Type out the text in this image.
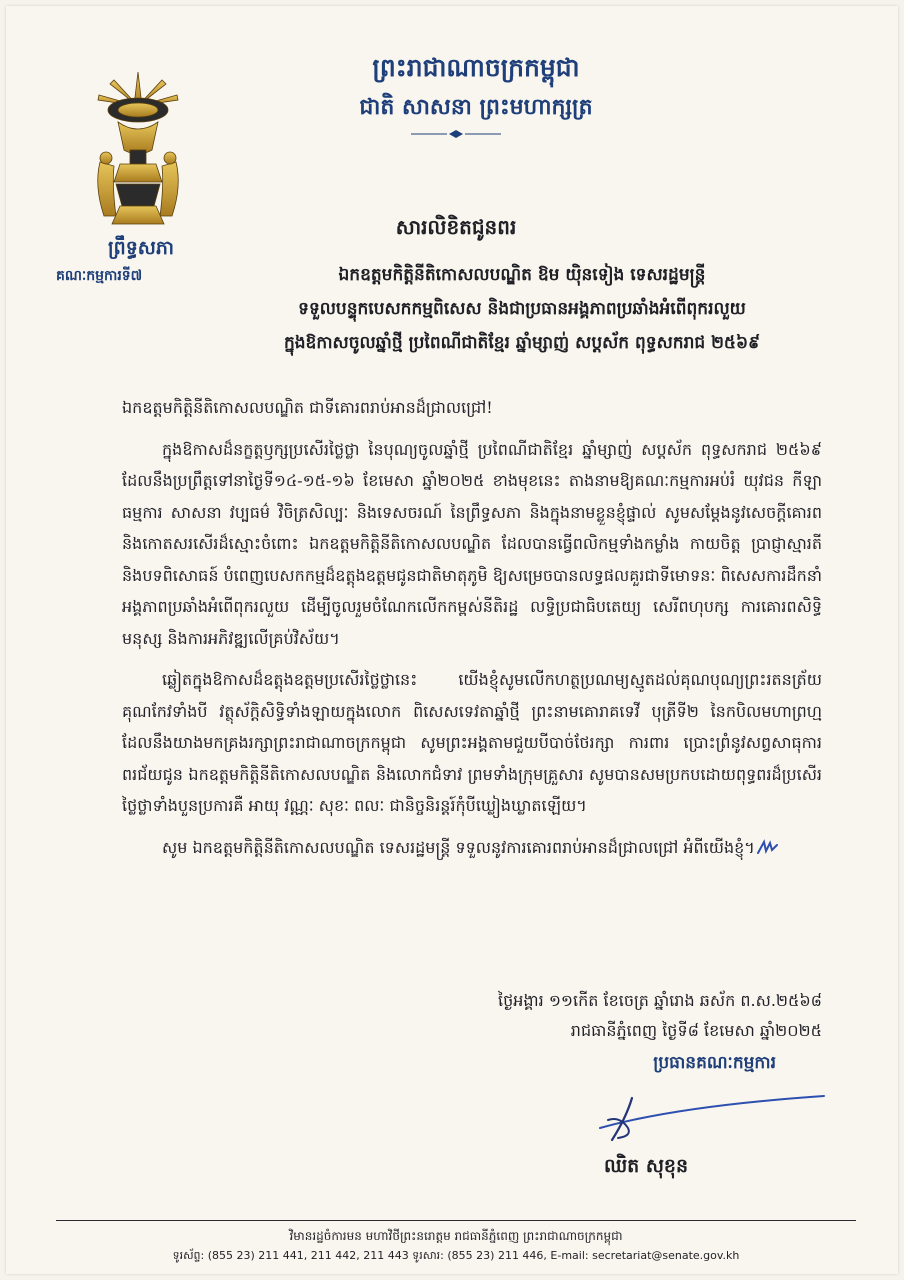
ព្រះរាជាណាចក្រកម្ពុជា
ជាតិ សាសនា ព្រះមហាក្សត្រ
ព្រឹទ្ធសភា
គណៈកម្មការទី៧
សារលិខិតជូនពរ
ឯកឧត្តមកិត្តិនីតិកោសលបណ្ឌិត ឱម យ៉ិនទៀង ទេសរដ្ឋមន្ត្រី
ទទួលបន្ទុកបេសកកម្មពិសេស និងជាប្រធានអង្គភាពប្រឆាំងអំពើពុករលួយ
ក្នុងឱកាសចូលឆ្នាំថ្មី ប្រពៃណីជាតិខ្មែរ ឆ្នាំម្សាញ់ សប្តស័ក ពុទ្ធសករាជ ២៥៦៩

ឯកឧត្តមកិត្តិនីតិកោសលបណ្ឌិត ជាទីគោរពរាប់អានដ៏ជ្រាលជ្រៅ!

ក្នុងឱកាសដ៏នក្ខត្តឫក្សប្រសើរថ្លៃថ្លា នៃបុណ្យចូលឆ្នាំថ្មី ប្រពៃណីជាតិខ្មែរ ឆ្នាំម្សាញ់ សប្តស័ក ពុទ្ធសករាជ ២៥៦៩ ដែលនឹងប្រព្រឹត្តទៅនាថ្ងៃទី១៤-១៥-១៦ ខែមេសា ឆ្នាំ២០២៥ ខាងមុខនេះ តាងនាមឱ្យគណៈកម្មការអប់រំ យុវជន កីឡា ធម្មការ សាសនា វប្បធម៌ វិចិត្រសិល្បៈ និងទេសចរណ៍ នៃព្រឹទ្ធសភា និងក្នុងនាមខ្លួនខ្ញុំផ្ទាល់ សូមសម្តែងនូវសេចក្តីគោរព និងកោតសរសើរដ៏ស្មោះចំពោះ ឯកឧត្តមកិត្តិនីតិកោសលបណ្ឌិត ដែលបានធ្វើពលិកម្មទាំងកម្លាំង កាយចិត្ត ប្រាជ្ញាស្មារតី និងបទពិសោធន៍ បំពេញបេសកកម្មដ៏ឧត្តុងឧត្តមជូនជាតិមាតុភូមិ ឱ្យសម្រេចបានលទ្ធផលគួរជាទីមោទនៈ ពិសេសការដឹកនាំអង្គភាពប្រឆាំងអំពើពុករលួយ ដើម្បីចូលរួមចំណែកលើកកម្ពស់នីតិរដ្ឋ លទ្ធិប្រជាធិបតេយ្យ សេរីពហុបក្ស ការគោរពសិទ្ធិមនុស្ស និងការអភិវឌ្ឍលើគ្រប់វិស័យ។

ឆ្លៀតក្នុងឱកាសដ៏ឧត្តុងឧត្តមប្រសើរថ្លៃថ្លានេះ យើងខ្ញុំសូមលើកហត្ថប្រណម្យស្មូតដល់គុណបុណ្យព្រះរតនត្រ័យគុណកែវទាំងបី វត្ថុស័ក្តិសិទ្ធិទាំងឡាយក្នុងលោក ពិសេសទេវតាឆ្នាំថ្មី ព្រះនាមគោរាគទេវី បុត្រីទី២ នៃកបិលមហាព្រហ្ម ដែលនឹងយាងមកគ្រងរក្សាព្រះរាជាណាចក្រកម្ពុជា សូមព្រះអង្គតាមជួយបីបាច់ថែរក្សា ការពារ ប្រោះព្រំនូវសព្វសាធុការពរជ័យជូន ឯកឧត្តមកិត្តិនីតិកោសលបណ្ឌិត និងលោកជំទាវ ព្រមទាំងក្រុមគ្រួសារ សូមបានសមប្រកបដោយពុទ្ធពរដ៏ប្រសើរថ្លៃថ្លាទាំងបួនប្រការគឺ អាយុ វណ្ណៈ សុខៈ ពលៈ ជានិច្ចនិរន្តរ៍កុំបីឃ្លៀងឃ្លាតឡើយ។

សូម ឯកឧត្តមកិត្តិនីតិកោសលបណ្ឌិត ទេសរដ្ឋមន្ត្រី ទទួលនូវការគោរពរាប់អានដ៏ជ្រាលជ្រៅ អំពីយើងខ្ញុំ។

ថ្ងៃអង្គារ ១១កើត ខែចេត្រ ឆ្នាំរោង ឆស័ក ព.ស.២៥៦៨
រាជធានីភ្នំពេញ ថ្ងៃទី៨ ខែមេសា ឆ្នាំ២០២៥
ប្រធានគណៈកម្មការ
ឈិត សុខុន
វិមានរដ្ឋចំការមន មហាវិថីព្រះនរោត្តម រាជធានីភ្នំពេញ ព្រះរាជាណាចក្រកម្ពុជា
ទូរស័ព្ទ: (855 23) 211 441, 211 442, 211 443 ទូរសារ: (855 23) 211 446, E-mail: secretariat@senate.gov.kh
